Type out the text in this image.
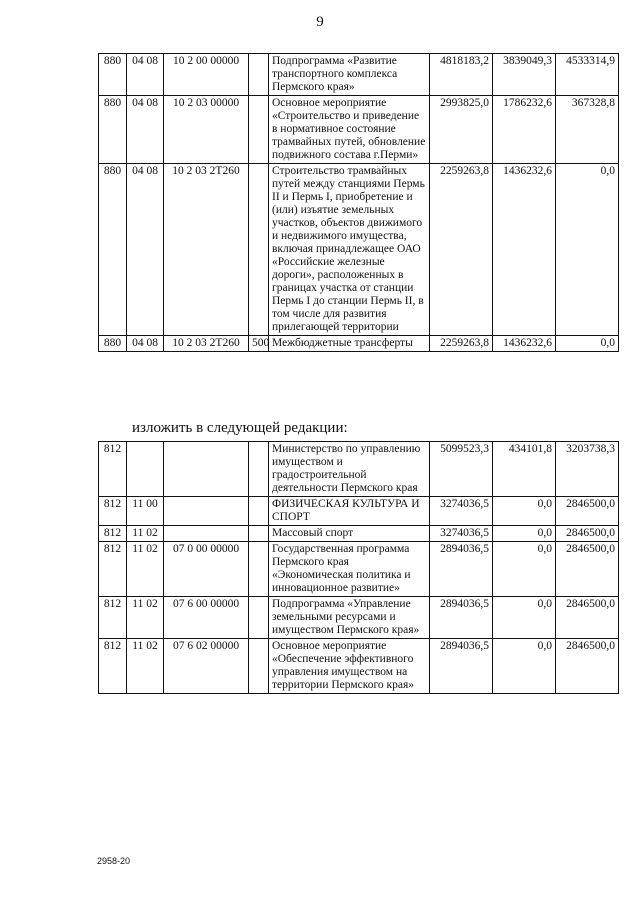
9
880	04 08	10 2 00 00000		Подпрограмма «Развитие транспортного комплекса Пермского края»	4818183,2	3839049,3	4533314,9
880	04 08	10 2 03 00000		Основное мероприятие «Строительство и приведение в нормативное состояние трамвайных путей, обновление подвижного состава г.Перми»	2993825,0	1786232,6	367328,8
880	04 08	10 2 03 2Т260		Строительство трамвайных путей между станциями Пермь II и Пермь I, приобретение и (или) изъятие земельных участков, объектов движимого и недвижимого имущества, включая принадлежащее ОАО «Российские железные дороги», расположенных в границах участка от станции Пермь I до станции Пермь II, в том числе для развития прилегающей территории	2259263,8	1436232,6	0,0
880	04 08	10 2 03 2Т260	500	Межбюджетные трансферты	2259263,8	1436232,6	0,0
изложить в следующей редакции:
812				Министерство по управлению имуществом и градостроительной деятельности Пермского края	5099523,3	434101,8	3203738,3
812	11 00			ФИЗИЧЕСКАЯ КУЛЬТУРА И СПОРТ	3274036,5	0,0	2846500,0
812	11 02			Массовый спорт	3274036,5	0,0	2846500,0
812	11 02	07 0 00 00000		Государственная программа Пермского края «Экономическая политика и инновационное развитие»	2894036,5	0,0	2846500,0
812	11 02	07 6 00 00000		Подпрограмма «Управление земельными ресурсами и имуществом Пермского края»	2894036,5	0,0	2846500,0
812	11 02	07 6 02 00000		Основное мероприятие «Обеспечение эффективного управления имуществом на территории Пермского края»	2894036,5	0,0	2846500,0
2958-20
